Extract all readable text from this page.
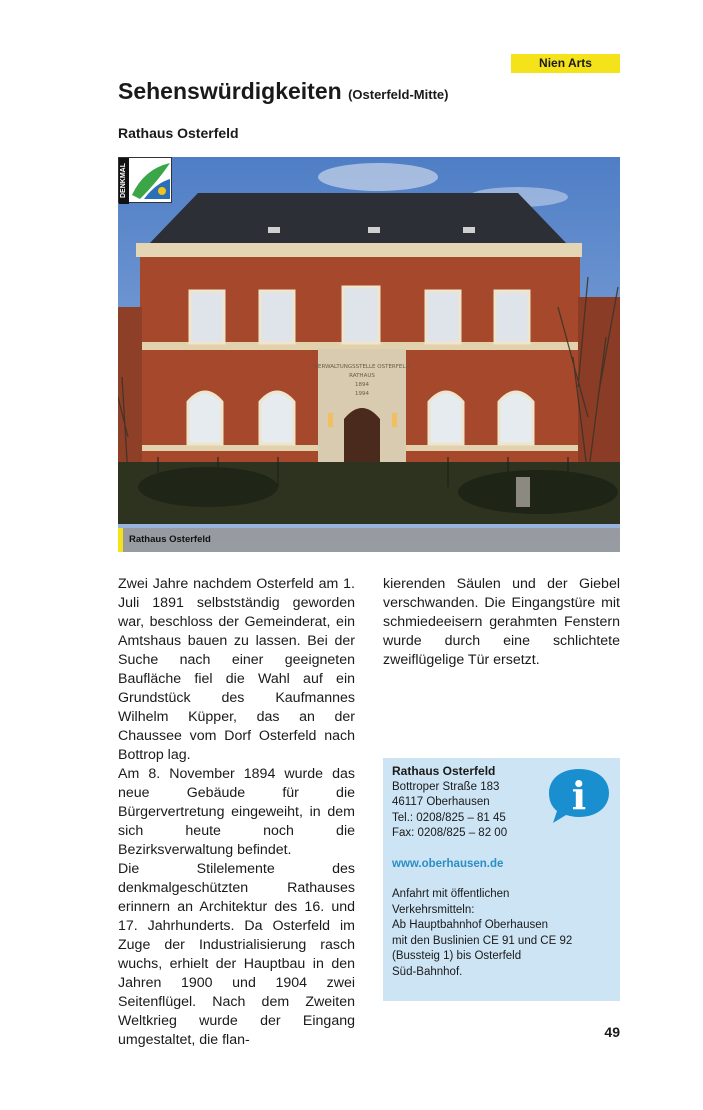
Nien Arts
Sehenswürdigkeiten (Osterfeld-Mitte)
Rathaus Osterfeld
VERWALTUNGSSTELLE OSTERFELD
RATHAUS
1894
1994
DENKMAL
Rathaus Osterfeld

Zwei Jahre nachdem Osterfeld am 1. Juli 1891 selbstständig geworden war, beschloss der Gemeinderat, ein Amtshaus bauen zu lassen. Bei der Suche nach einer geeigneten Baufläche fiel die Wahl auf ein Grundstück des Kaufmannes Wilhelm Küpper, das an der Chaussee vom Dorf Osterfeld nach Bottrop lag.

Am 8. November 1894 wurde das neue Gebäude für die Bürgervertretung eingeweiht, in dem sich heute noch die Bezirksverwaltung befindet.

Die Stilelemente des denkmalgeschützten Rathauses erinnern an Architektur des 16. und 17. Jahrhunderts. Da Osterfeld im Zuge der Industrialisierung rasch wuchs, erhielt der Hauptbau in den Jahren 1900 und 1904 zwei Seitenflügel. Nach dem Zweiten Weltkrieg wurde der Eingang umgestaltet, die flan-

kierenden Säulen und der Giebel verschwanden. Die Eingangstüre mit schmiedeeisern gerahmten Fenstern wurde durch eine schlichtete zweiflügelige Tür ersetzt.

Rathaus Osterfeld
Bottroper Straße 183
46117 Oberhausen
Tel.: 0208/825 – 81 45
Fax: 0208/825 – 82 00
www.oberhausen.de
Anfahrt mit öffentlichen
Verkehrsmitteln:
Ab Hauptbahnhof Oberhausen
mit den Buslinien CE 91 und CE 92
(Bussteig 1) bis Osterfeld
Süd-Bahnhof.
i
49
